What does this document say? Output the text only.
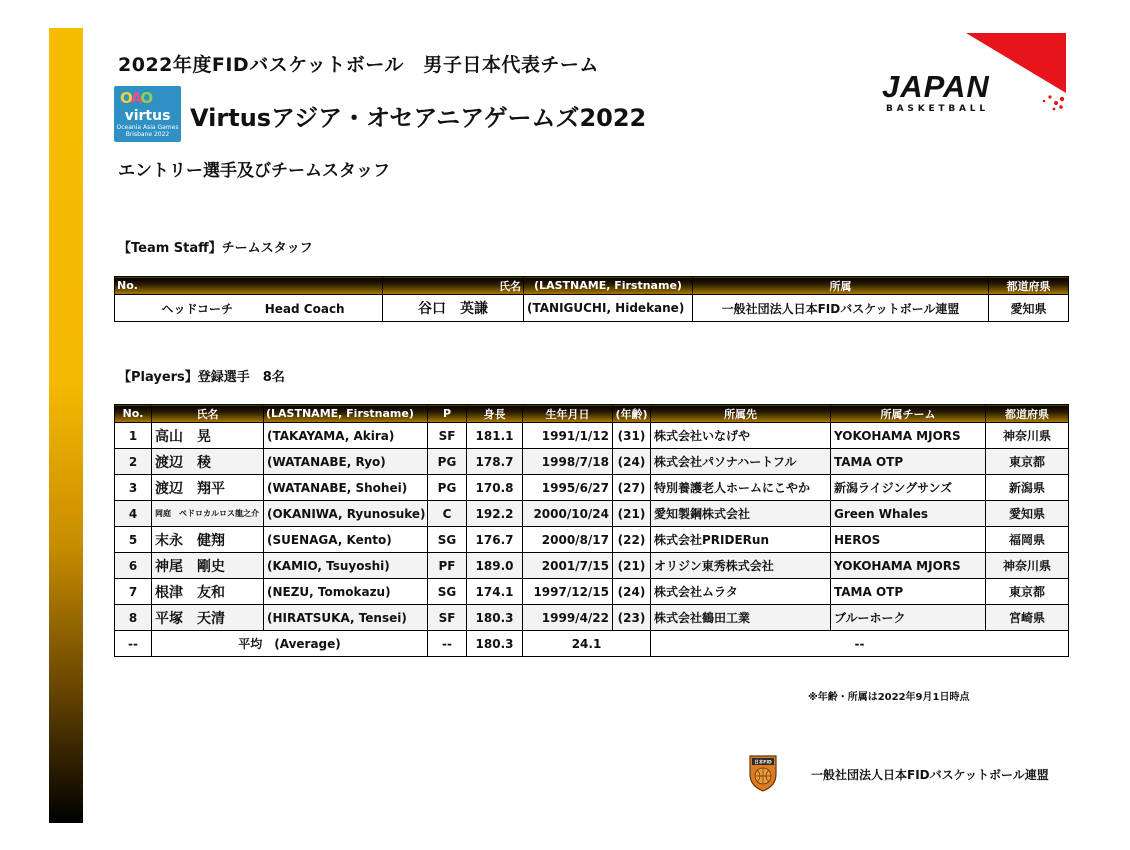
2022年度FIDバスケットボール　男子日本代表チーム
OAO
virtus
Oceania Asia Games
Brisbane 2022
Virtusアジア・オセアニアゲームズ2022
エントリー選手及びチームスタッフ
JAPAN
BASKETBALL
【Team Staff】チームスタッフ
No.	氏名	(LASTNAME, Firstname)	所属	都道府県
ヘッドコーチ Head Coach	谷口　英謙	(TANIGUCHI, Hidekane)	一般社団法人日本FIDバスケットボール連盟	愛知県
【Players】登録選手　8名
No.	氏名	(LASTNAME, Firstname)	P	身長	生年月日	(年齢)	所属先	所属チーム	都道府県
1	高山　晃	(TAKAYAMA, Akira)	SF	181.1	1991/1/12	(31)	株式会社いなげや	YOKOHAMA MJORS	神奈川県
2	渡辺　稜	(WATANABE, Ryo)	PG	178.7	1998/7/18	(24)	株式会社パソナハートフル	TAMA OTP	東京都
3	渡辺　翔平	(WATANABE, Shohei)	PG	170.8	1995/6/27	(27)	特別養護老人ホームにこやか	新潟ライジングサンズ	新潟県
4	岡庭　ペドロカルロス龍之介	(OKANIWA, Ryunosuke)	C	192.2	2000/10/24	(21)	愛知製鋼株式会社	Green Whales	愛知県
5	末永　健翔	(SUENAGA, Kento)	SG	176.7	2000/8/17	(22)	株式会社PRIDERun	HEROS	福岡県
6	神尾　剛史	(KAMIO, Tsuyoshi)	PF	189.0	2001/7/15	(21)	オリジン東秀株式会社	YOKOHAMA MJORS	神奈川県
7	根津　友和	(NEZU, Tomokazu)	SG	174.1	1997/12/15	(24)	株式会社ムラタ	TAMA OTP	東京都
8	平塚　天清	(HIRATSUKA, Tensei)	SF	180.3	1999/4/22	(23)	株式会社鶴田工業	ブルーホーク	宮崎県
--	平均　(Average)		--	180.3	24.1		--		
※年齢・所属は2022年9月1日時点
日本FID
一般社団法人日本FIDバスケットボール連盟
